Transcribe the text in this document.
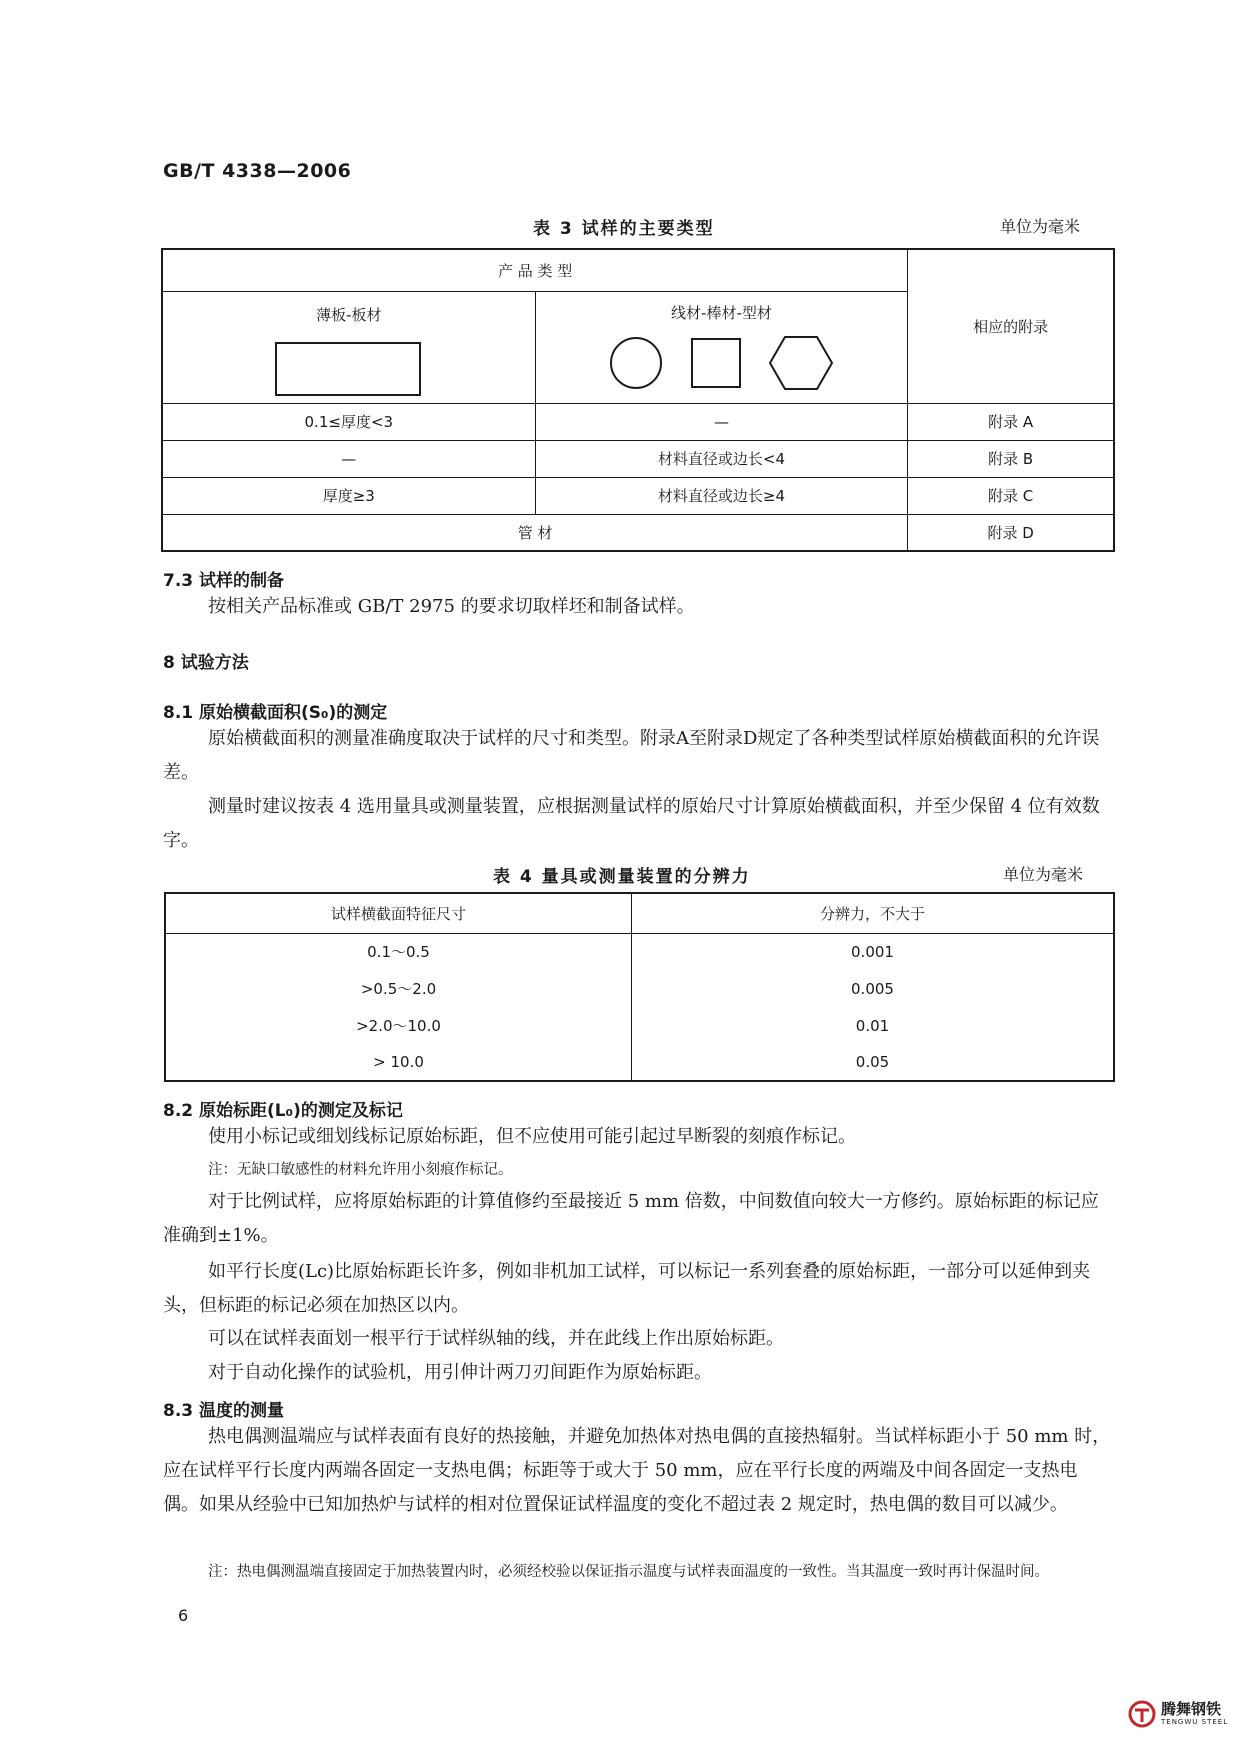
GB/T 4338—2006
表 3 试样的主要类型	单位为毫米
产 品 类 型		相应的附录

薄板-板材	线材-棒材-型材	

0.1≤厚度<3	—	附录 A
—	材料直径或边长<4	附录 B
厚度≥3	材料直径或边长≥4	附录 C
管 材		附录 D
7.3 试样的制备
按相关产品标准或 GB/T 2975 的要求切取样坯和制备试样。
8 试验方法
8.1 原始横截面积(S₀)的测定
原始横截面积的测量准确度取决于试样的尺寸和类型。附录A至附录D规定了各种类型试样原始横截面积的允许误差。
测量时建议按表 4 选用量具或测量装置，应根据测量试样的原始尺寸计算原始横截面积，并至少保留 4 位有效数字。
表 4 量具或测量装置的分辨力	单位为毫米
试样横截面特征尺寸	分辨力，不大于
0.1～0.5	0.001
>0.5～2.0	0.005
>2.0～10.0	0.01
> 10.0	0.05
8.2 原始标距(L₀)的测定及标记
使用小标记或细划线标记原始标距，但不应使用可能引起过早断裂的刻痕作标记。
注：无缺口敏感性的材料允许用小刻痕作标记。
对于比例试样，应将原始标距的计算值修约至最接近 5 mm 倍数，中间数值向较大一方修约。原始标距的标记应准确到±1%。
如平行长度(Lc)比原始标距长许多，例如非机加工试样，可以标记一系列套叠的原始标距，一部分可以延伸到夹头，但标距的标记必须在加热区以内。
可以在试样表面划一根平行于试样纵轴的线，并在此线上作出原始标距。
对于自动化操作的试验机，用引伸计两刀刃间距作为原始标距。
8.3 温度的测量
热电偶测温端应与试样表面有良好的热接触，并避免加热体对热电偶的直接热辐射。当试样标距小于 50 mm 时，应在试样平行长度内两端各固定一支热电偶；标距等于或大于 50 mm，应在平行长度的两端及中间各固定一支热电偶。如果从经验中已知加热炉与试样的相对位置保证试样温度的变化不超过表 2 规定时，热电偶的数目可以减少。
注：热电偶测温端直接固定于加热装置内时，必须经校验以保证指示温度与试样表面温度的一致性。当其温度一致时再计保温时间。
6
腾舞钢铁
TENGWU STEEL
